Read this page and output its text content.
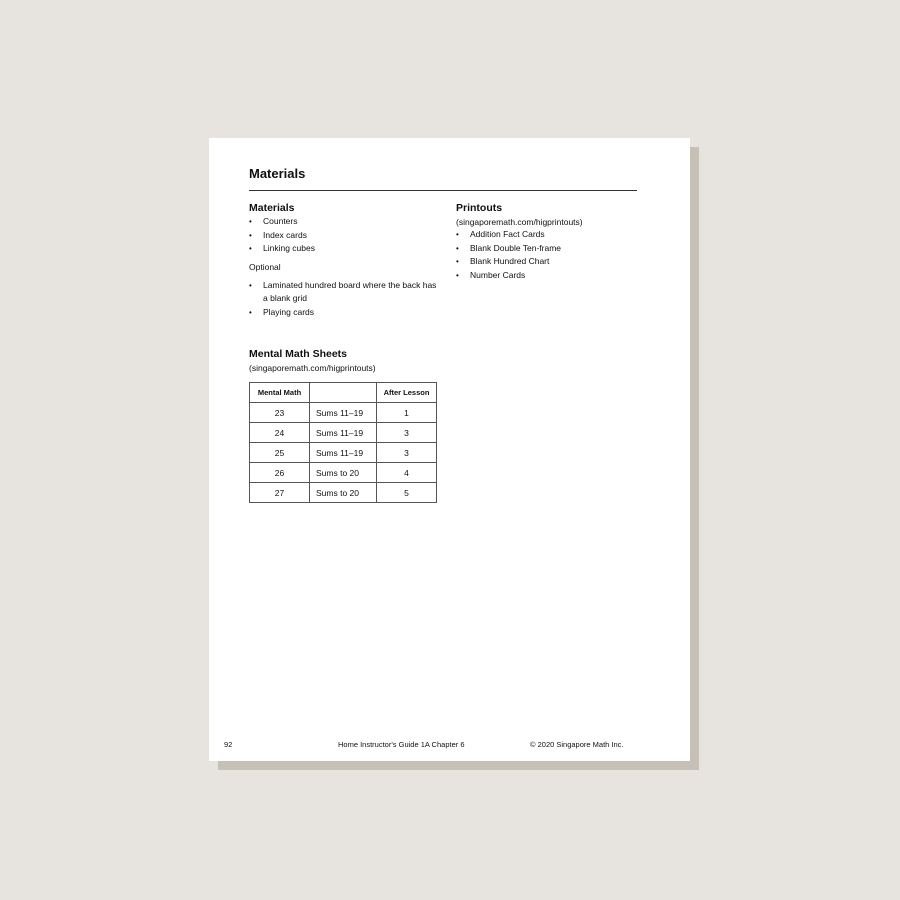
Materials
Materials
• Counters
• Index cards
• Linking cubes
Optional
• Laminated hundred board where the back has a blank grid
• Playing cards
Printouts
(singaporemath.com/higprintouts)
• Addition Fact Cards
• Blank Double Ten-frame
• Blank Hundred Chart
• Number Cards
Mental Math Sheets
(singaporemath.com/higprintouts)
Mental Math		After Lesson
23	Sums 11–19	1
24	Sums 11–19	3
25	Sums 11–19	3
26	Sums to 20	4
27	Sums to 20	5
92	Home Instructor's Guide 1A Chapter 6	© 2020 Singapore Math Inc.
